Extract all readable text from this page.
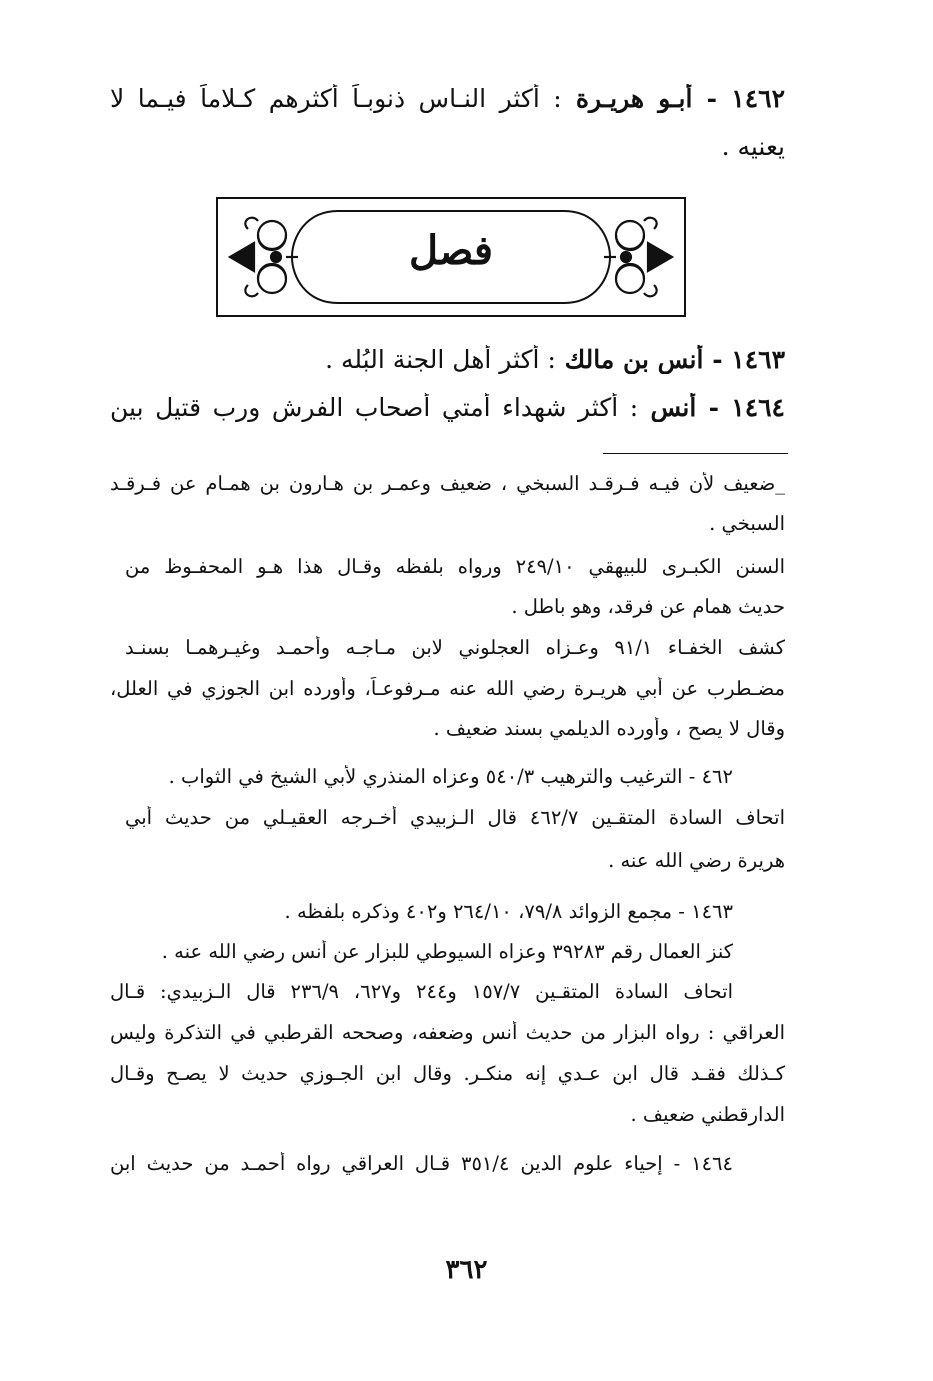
١٤٦٢ - أبـو هريـرة : أكثر النـاس ذنوبـاً أكثرهم كـلاماً فيـما لا
يعنيه .
فصل
١٤٦٣ - أنس بن مالك : أكثر أهل الجنة البُله .
١٤٦٤ - أنس : أكثر شهداء أُمتي أصحاب الفرش ورب قتيل بين
_ضعيف لأن فيـه فـرقـد السبخي ، ضعيف وعمـر بن هـارون بن همـام عن فـرقـد
السبخي .
السنن الكبـرى للبيهقي ٢٤٩/١٠ ورواه بلفظه وقـال هذا هـو المحفـوظ من
حديث همام عن فرقد، وهو باطل .
كشف الخفـاء ٩١/١ وعـزاه العجلوني لابن مـاجـه وأحمـد وغيـرهمـا بسنـد
مضـطرب عن أبي هريـرة رضي الله عنه مـرفوعـاً، وأورده ابن الجوزي في العلل،
وقال لا يصح ، وأورده الديلمي بسند ضعيف .
٤٦٢ - الترغيب والترهيب ٥٤٠/٣ وعزاه المنذري لأبي الشيخ في الثواب .
اتحاف السادة المتقـين ٤٦٢/٧ قال الـزبيدي أخـرجه العقيـلي من حديث أبي
هريرة رضي الله عنه .
١٤٦٣ - مجمع الزوائد ٧٩/٨، ٢٦٤/١٠ و٤٠٢ وذكره بلفظه .
كنز العمال رقم ٣٩٢٨٣ وعزاه السيوطي للبزار عن أنس رضي الله عنه .
اتحاف السادة المتقـين ١٥٧/٧ و٢٤٤ و٦٢٧، ٢٣٦/٩ قال الـزبيدي: قـال
العراقي : رواه البزار من حديث أنس وضعفه، وصححه القرطبي في التذكرة وليس
كـذلك فقـد قال ابن عـدي إنه منكـر. وقال ابن الجـوزي حديث لا يصـح وقـال
الدارقطني ضعيف .
١٤٦٤ - إحياء علوم الدين ٣٥١/٤ قـال العراقي رواه أحمـد من حديث ابن
٣٦٢
